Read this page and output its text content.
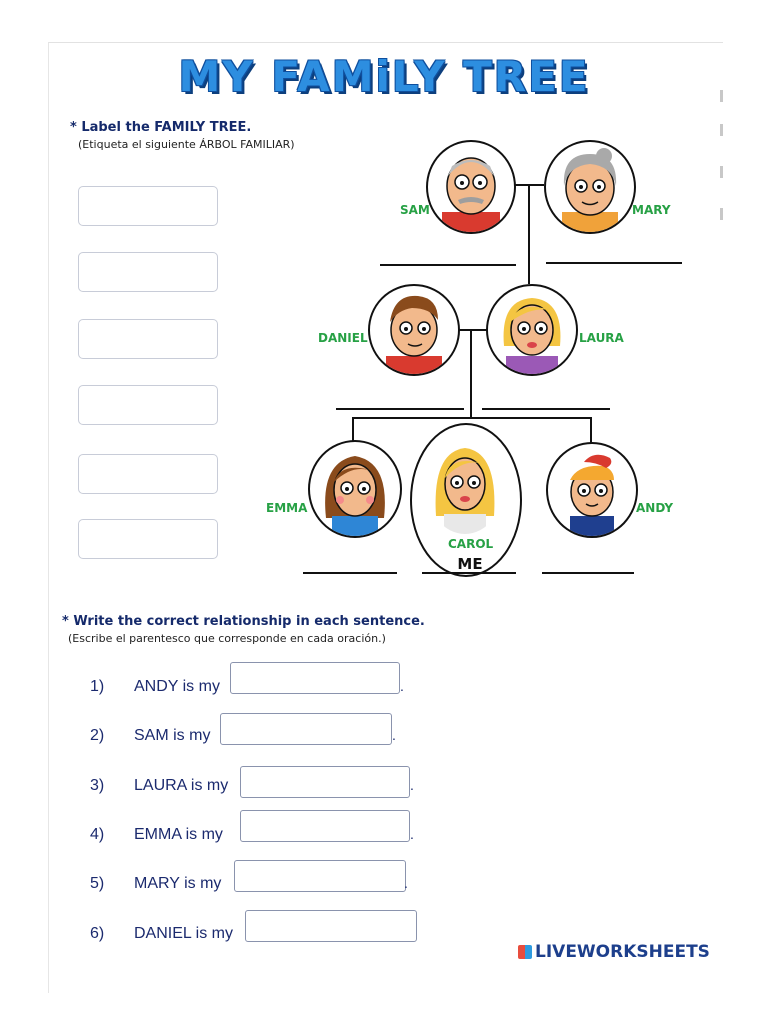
MY FAMiLY TREE
* Label the FAMILY TREE.
(Etiqueta el siguiente ÁRBOL FAMILIAR)
SAM	MARY
DANIEL	LAURA
EMMA
CAROL
ME
ANDY
* Write the correct relationship in each sentence.
(Escribe el parentesco que corresponde en cada oración.)
1) ANDY is my	.
2) SAM is my	.
3) LAURA is my	.
4) EMMA is my	.
5) MARY is my	.
6) DANIEL is my
LIVEWORKSHEETS
